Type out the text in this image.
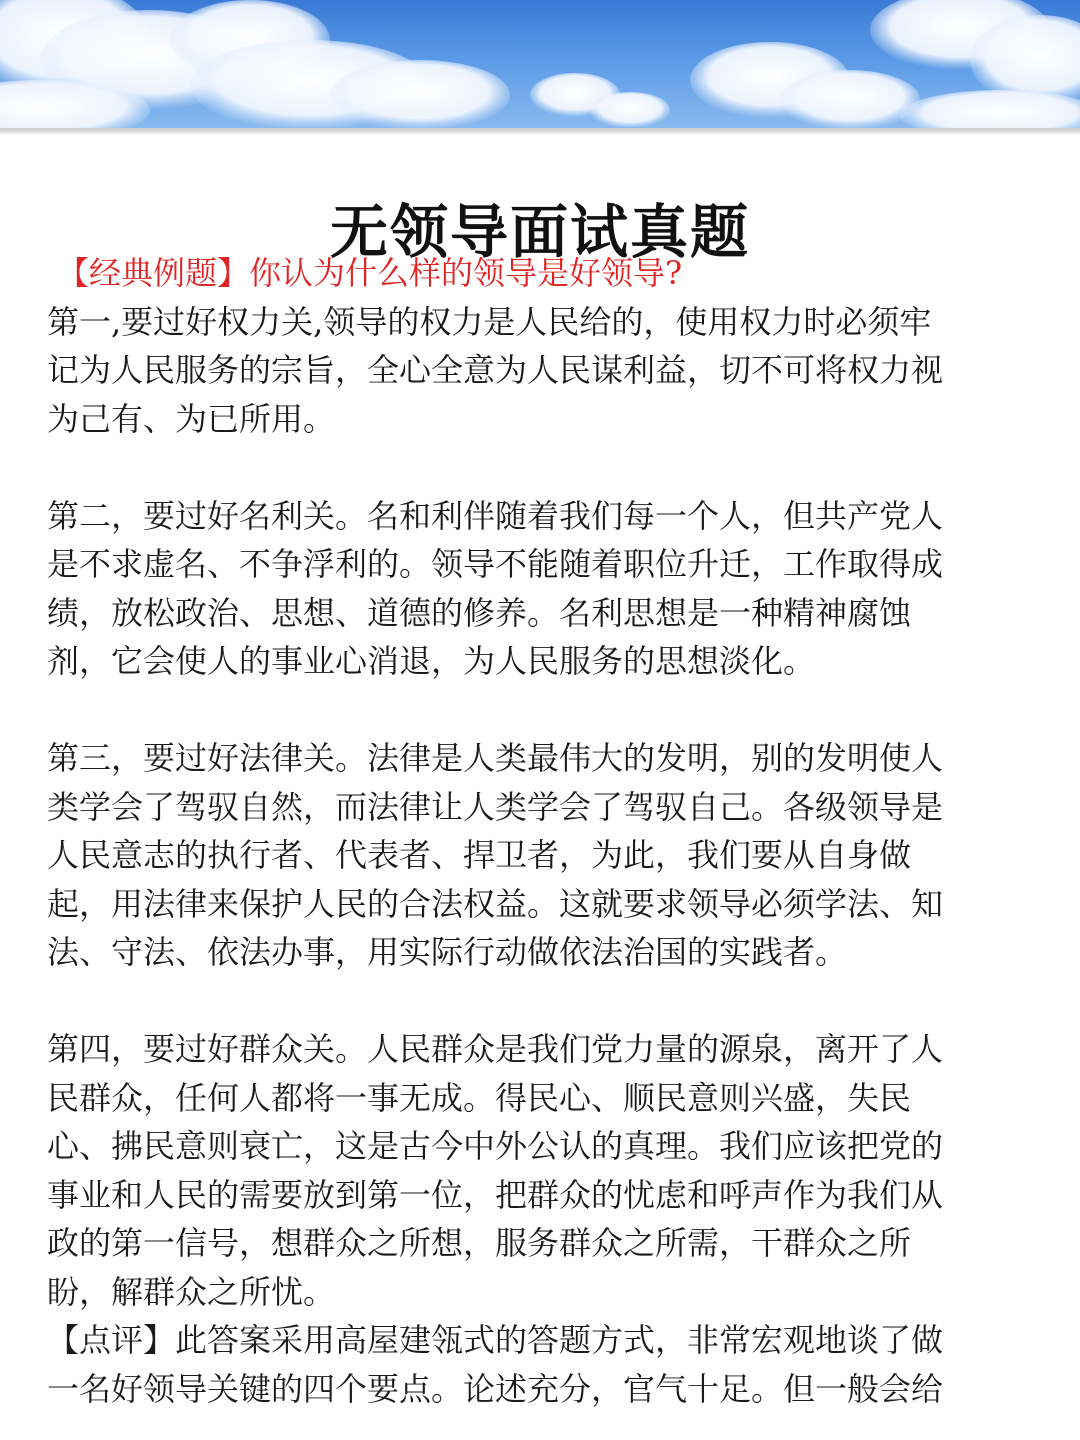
无领导面试真题

【经典例题】你认为什么样的领导是好领导?

第一,要过好权力关,领导的权力是人民给的，使用权力时必须牢

记为人民服务的宗旨，全心全意为人民谋利益，切不可将权力视

为己有、为已所用。

第二，要过好名利关。名和利伴随着我们每一个人，但共产党人

是不求虚名、不争浮利的。领导不能随着职位升迁，工作取得成

绩，放松政治、思想、道德的修养。名利思想是一种精神腐蚀

剂，它会使人的事业心消退，为人民服务的思想淡化。

第三，要过好法律关。法律是人类最伟大的发明，别的发明使人

类学会了驾驭自然，而法律让人类学会了驾驭自己。各级领导是

人民意志的执行者、代表者、捍卫者，为此，我们要从自身做

起，用法律来保护人民的合法权益。这就要求领导必须学法、知

法、守法、依法办事，用实际行动做依法治国的实践者。

第四，要过好群众关。人民群众是我们党力量的源泉，离开了人

民群众，任何人都将一事无成。得民心、顺民意则兴盛，失民

心、拂民意则衰亡，这是古今中外公认的真理。我们应该把党的

事业和人民的需要放到第一位，把群众的忧虑和呼声作为我们从

政的第一信号，想群众之所想，服务群众之所需，干群众之所

盼，解群众之所忧。

【点评】此答案采用高屋建瓴式的答题方式，非常宏观地谈了做

一名好领导关键的四个要点。论述充分，官气十足。但一般会给
